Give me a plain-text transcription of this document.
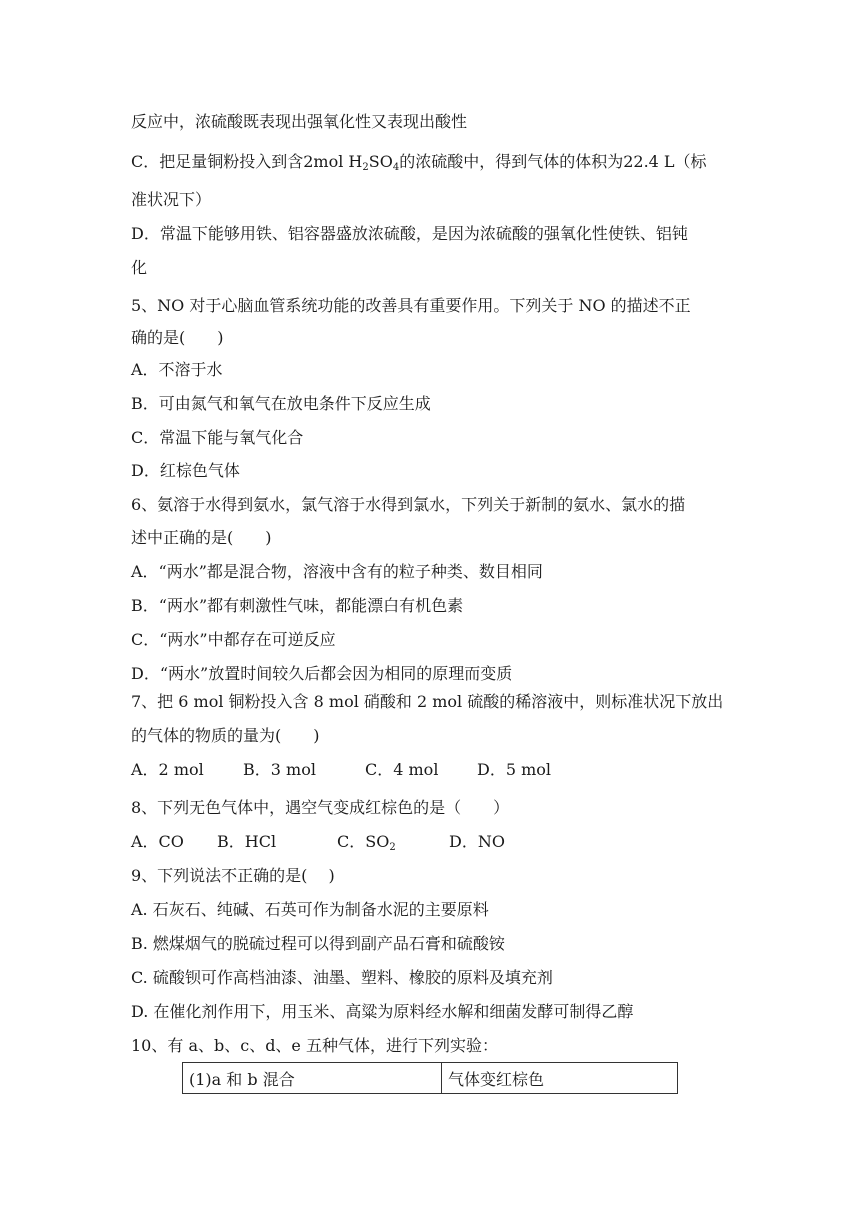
反应中，浓硫酸既表现出强氧化性又表现出酸性
C．把足量铜粉投入到含2mol $H_2SO_4$的浓硫酸中，得到气体的体积为22.4 L（标
准状况下）
D．常温下能够用铁、铝容器盛放浓硫酸，是因为浓硫酸的强氧化性使铁、铝钝
化
5、NO 对于心脑血管系统功能的改善具有重要作用。下列关于 NO 的描述不正
确的是(　　)
A．不溶于水
B．可由氮气和氧气在放电条件下反应生成
C．常温下能与氧气化合
D．红棕色气体
6、氨溶于水得到氨水，氯气溶于水得到氯水，下列关于新制的氨水、氯水的描
述中正确的是(　　)
A．“两水”都是混合物，溶液中含有的粒子种类、数目相同
B．“两水”都有刺激性气味，都能漂白有机色素
C．“两水”中都存在可逆反应
D．“两水”放置时间较久后都会因为相同的原理而变质
7、把 6 mol 铜粉投入含 8 mol 硝酸和 2 mol 硫酸的稀溶液中，则标准状况下放出
的气体的物质的量为(　　)
A．2 mol B．3 mol	C．4 mol D．5 mol
8、下列无色气体中，遇空气变成红棕色的是（　　）
A．CO B．HCl	C．$SO_2$	D．NO
9、下列说法不正确的是(　 )
A. 石灰石、纯碱、石英可作为制备水泥的主要原料
B. 燃煤烟气的脱硫过程可以得到副产品石膏和硫酸铵
C. 硫酸钡可作高档油漆、油墨、塑料、橡胶的原料及填充剂
D. 在催化剂作用下，用玉米、高粱为原料经水解和细菌发酵可制得乙醇
10、有 a、b、c、d、e 五种气体，进行下列实验：
(1)a 和 b 混合	气体变红棕色
